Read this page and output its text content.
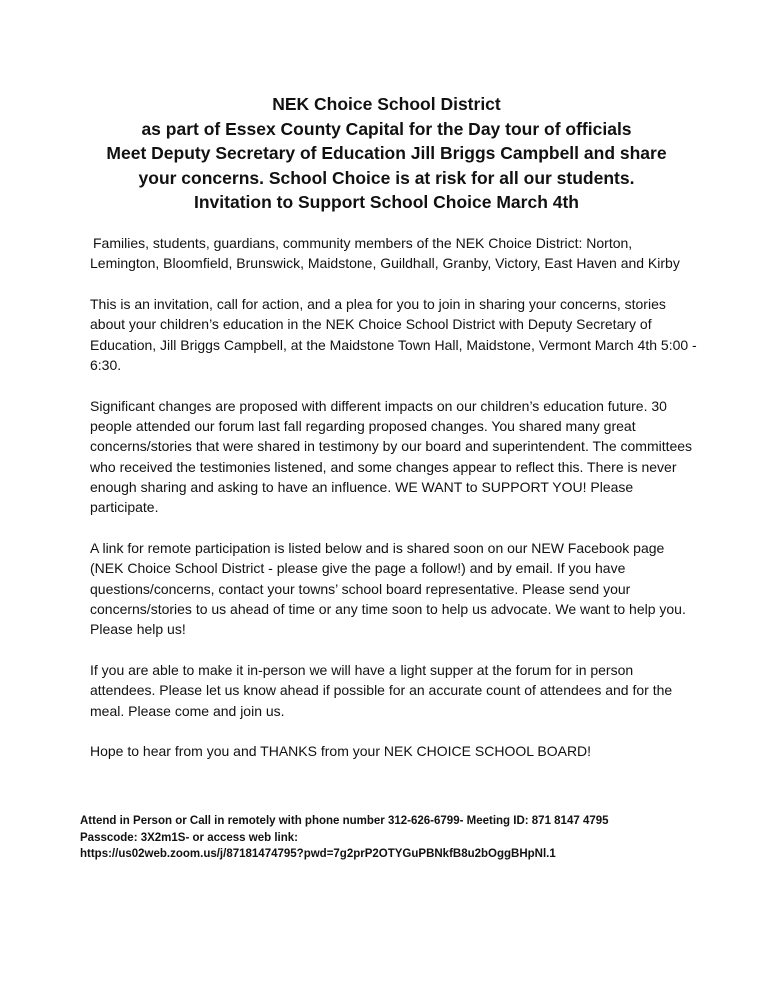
NEK Choice School District
as part of Essex County Capital for the Day tour of officials
Meet Deputy Secretary of Education Jill Briggs Campbell and share
your concerns. School Choice is at risk for all our students.
Invitation to Support School Choice March 4th

Families, students, guardians, community members of the NEK Choice District: Norton, Lemington, Bloomfield, Brunswick, Maidstone, Guildhall, Granby, Victory, East Haven and Kirby

This is an invitation, call for action, and a plea for you to join in sharing your concerns, stories about your children’s education in the NEK Choice School District with Deputy Secretary of Education, Jill Briggs Campbell, at the Maidstone Town Hall, Maidstone, Vermont March 4th 5:00 - 6:30.

Significant changes are proposed with different impacts on our children’s education future. 30 people attended our forum last fall regarding proposed changes. You shared many great concerns/stories that were shared in testimony by our board and superintendent. The committees who received the testimonies listened, and some changes appear to reflect this. There is never enough sharing and asking to have an influence. WE WANT to SUPPORT YOU! Please participate.

A link for remote participation is listed below and is shared soon on our NEW Facebook page (NEK Choice School District - please give the page a follow!) and by email. If you have questions/concerns, contact your towns’ school board representative. Please send your concerns/stories to us ahead of time or any time soon to help us advocate. We want to help you. Please help us!

If you are able to make it in-person we will have a light supper at the forum for in person attendees. Please let us know ahead if possible for an accurate count of attendees and for the meal. Please come and join us.

Hope to hear from you and THANKS from your NEK CHOICE SCHOOL BOARD!

Attend in Person or Call in remotely with phone number 312-626-6799- Meeting ID: 871 8147 4795
Passcode: 3X2m1S- or access web link:
https://us02web.zoom.us/j/87181474795?pwd=7g2prP2OTYGuPBNkfB8u2bOggBHpNl.1
